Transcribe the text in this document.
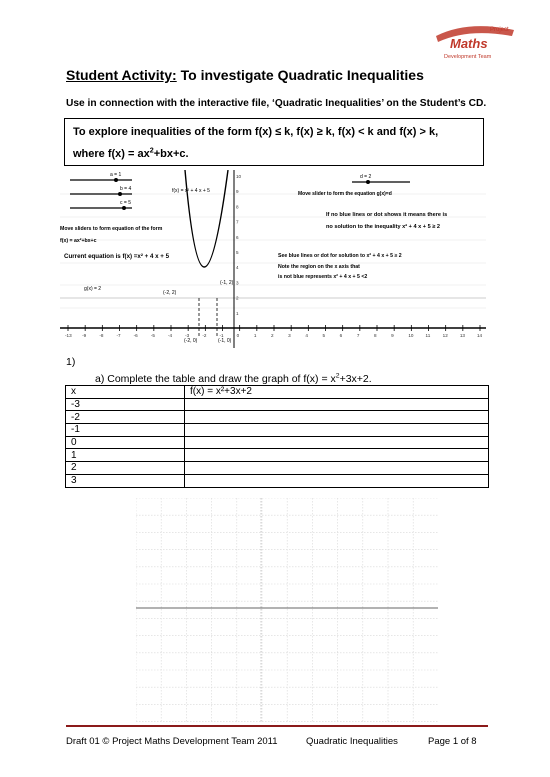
Project
Maths
Development Team
Student Activity: To investigate Quadratic Inequalities
Use in connection with the interactive file, ‘Quadratic Inequalities’ on the Student’s CD.
To explore inequalities of the form f(x) ≤ k, f(x) ≥ k, f(x) < k and f(x) > k,
where $f(x) = ax^2+bx+c$.
-13 -9	-8	-7	-6	-5	-4	-3	-2	-1	0	1	2	3	4	5	6	7	8	9	10	11	12	13	14
10
9
8
7
6
5
4
3
2
1
a = 1
b = 4
c = 5
d = 2
f(x) = x² + 4 x + 5	Move slider to form the equation g(x)=d
If no blue lines or dot shows it means there is
no solution to the inequality x² + 4 x + 5 ≥ 2
Move sliders to form equation of the form
f(x) = ax²+bx+c
Current equation is f(x) =x² + 4 x + 5	See blue lines or dot for solution to x² + 4 x + 5 ≥ 2
Note the region on the x axis that
is not blue represents x² + 4 x + 5 <2
g(x) = 2
(-2, 2)
(-1, 2)
(-2, 0)	(-1, 0)
1)
a) Complete the table and draw the graph of $f(x) = x^2+3x+2$.
x	f(x) = x²+3x+2
-3	
-2	
-1	
0	
1	
2	
3	
Draft 01 © Project Maths Development Team 2011	Quadratic Inequalities	Page 1 of 8
